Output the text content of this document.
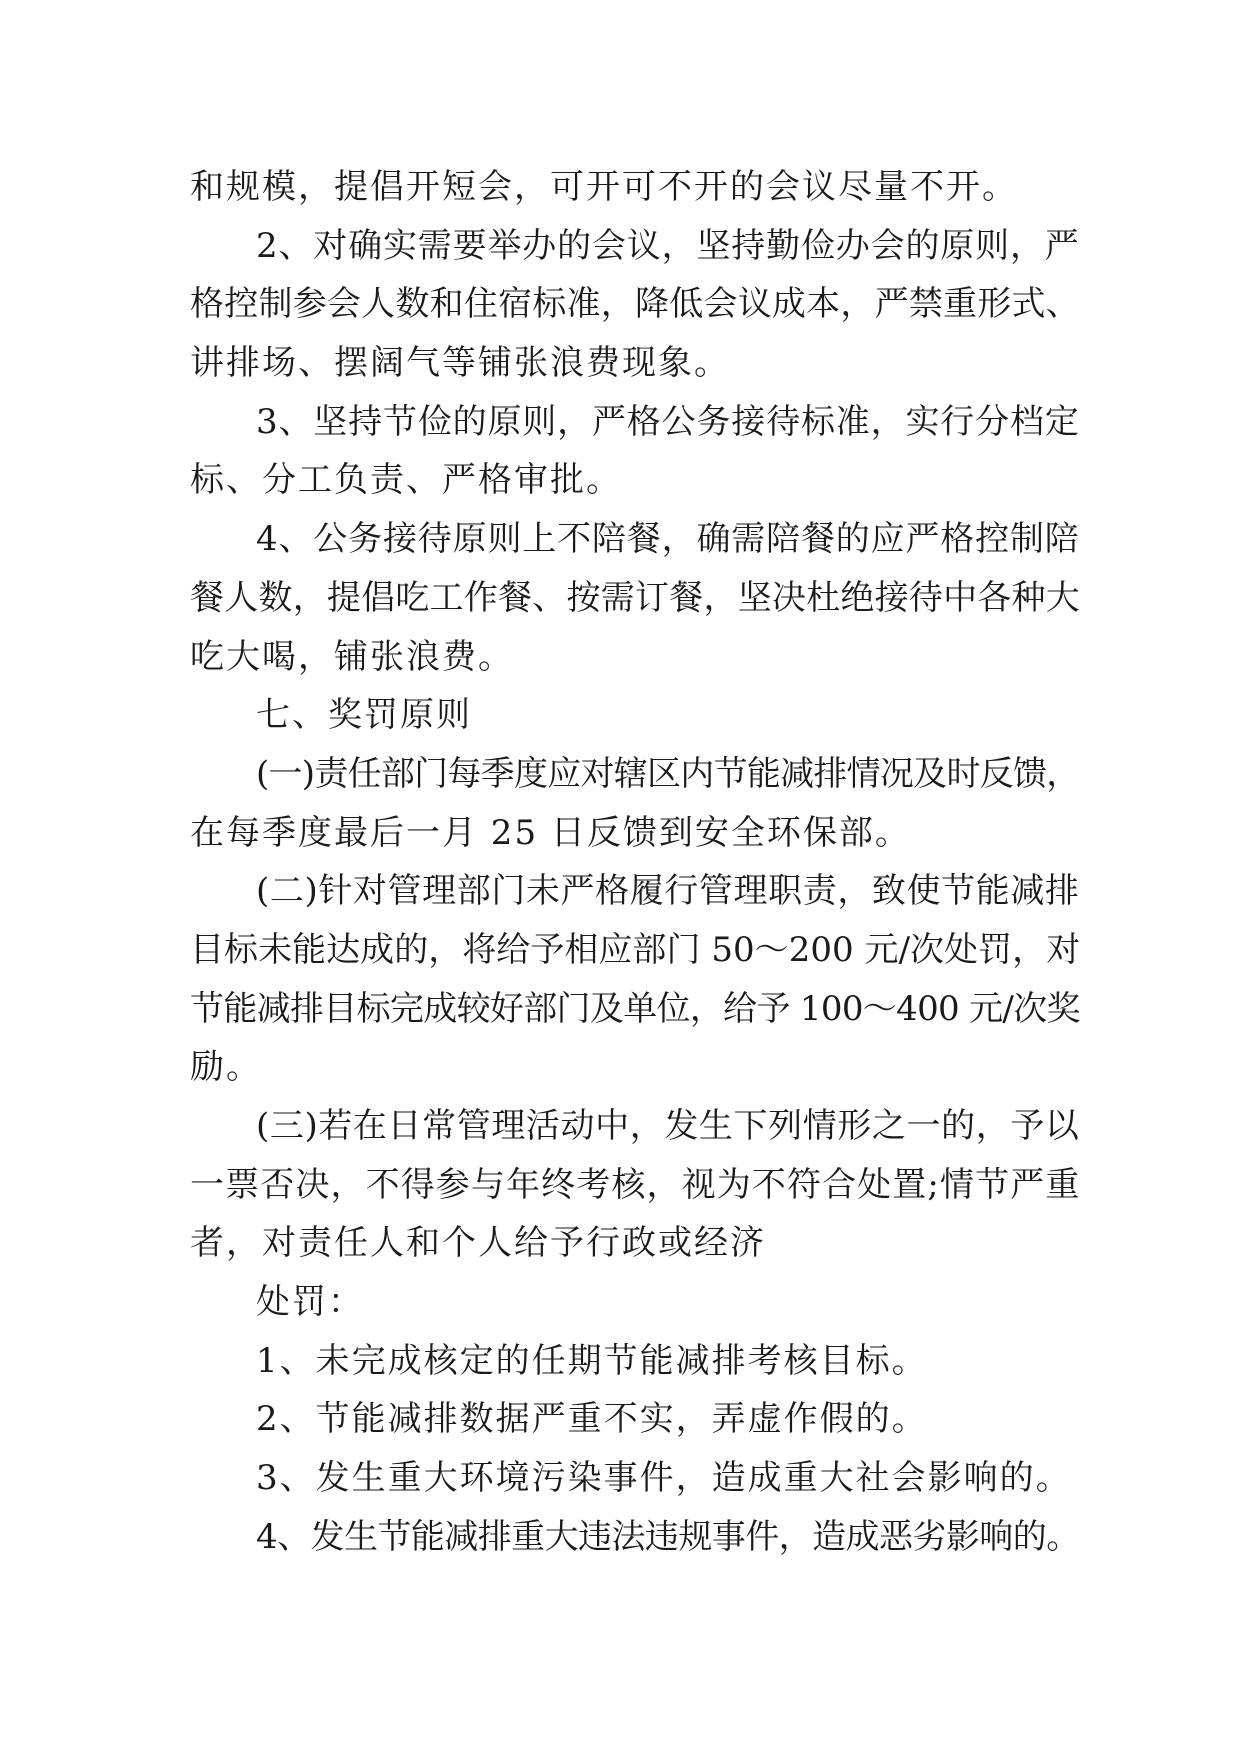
和规模，提倡开短会，可开可不开的会议尽量不开。
2、对确实需要举办的会议，坚持勤俭办会的原则，严
格控制参会人数和住宿标准，降低会议成本，严禁重形式、
讲排场、摆阔气等铺张浪费现象。
3、坚持节俭的原则，严格公务接待标准，实行分档定
标、分工负责、严格审批。
4、公务接待原则上不陪餐，确需陪餐的应严格控制陪
餐人数，提倡吃工作餐、按需订餐，坚决杜绝接待中各种大
吃大喝，铺张浪费。
七、奖罚原则
(一)责任部门每季度应对辖区内节能减排情况及时反馈，
在每季度最后一月 25 日反馈到安全环保部。
(二)针对管理部门未严格履行管理职责，致使节能减排
目标未能达成的，将给予相应部门 50～200 元/次处罚，对
节能减排目标完成较好部门及单位，给予 100～400 元/次奖
励。
(三)若在日常管理活动中，发生下列情形之一的，予以
一票否决，不得参与年终考核，视为不符合处置;情节严重
者，对责任人和个人给予行政或经济
处罚：
1、未完成核定的任期节能减排考核目标。
2、节能减排数据严重不实，弄虚作假的。
3、发生重大环境污染事件，造成重大社会影响的。
4、发生节能减排重大违法违规事件，造成恶劣影响的。
